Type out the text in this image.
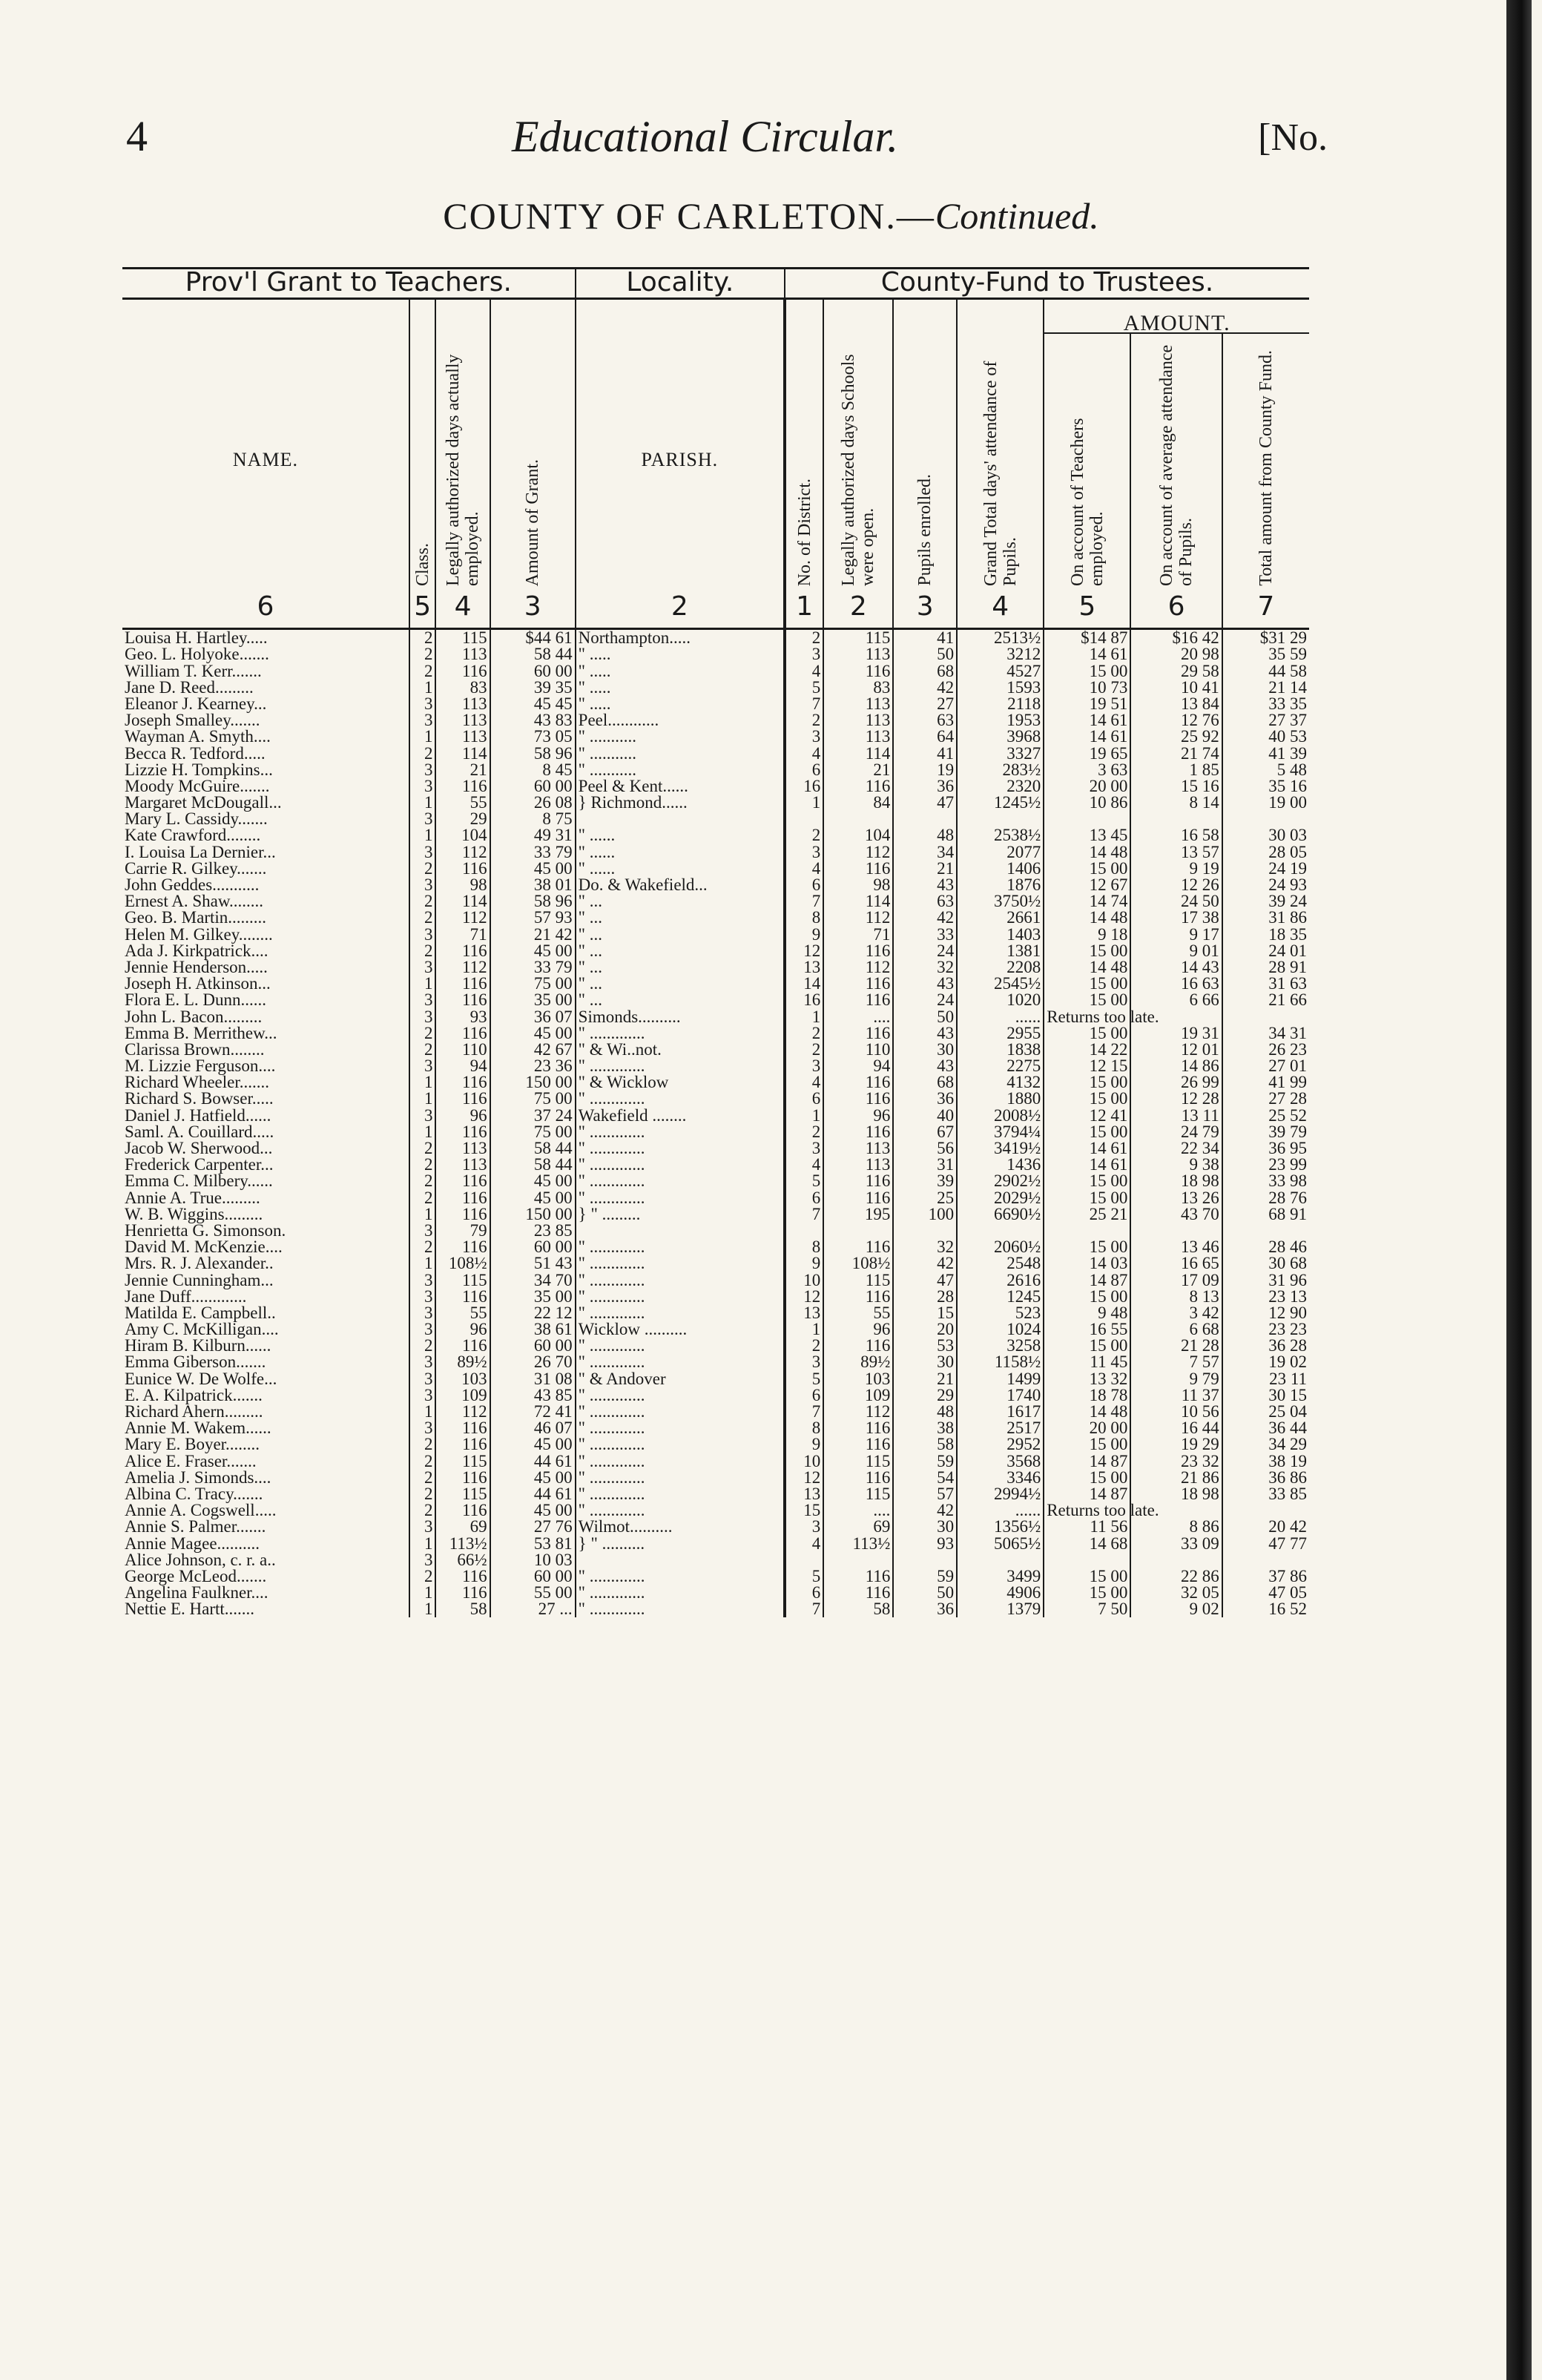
4	Educational Circular.	[No.
COUNTY OF CARLETON.—Continued.
Prov'l Grant to Teachers.				Locality.	County-Fund to Trustees.						
									AMOUNT.		
NAME.	Class.	Legally authorized days actually employed.	Amount of Grant.	PARISH.	No. of District.	Legally authorized days Schools were open.	Pupils enrolled.	Grand Total days' attendance of Pupils.	On account of Teachers employed.	On account of average attendance of Pupils.	Total amount from County Fund.

6	5	4	3	2	1	2	3	4	5	6	7
Louisa H. Hartley.....	2	115	$44 61	Northampton.....	2	115	41	2513½	$14 87	$16 42	$31 29
Geo. L. Holyoke.......	2	113	58 44	" .....	3	113	50	3212	14 61	20 98	35 59
William T. Kerr.......	2	116	60 00	" .....	4	116	68	4527	15 00	29 58	44 58
Jane D. Reed.........	1	83	39 35	" .....	5	83	42	1593	10 73	10 41	21 14
Eleanor J. Kearney...	3	113	45 45	" .....	7	113	27	2118	19 51	13 84	33 35
Joseph Smalley.......	3	113	43 83	Peel............	2	113	63	1953	14 61	12 76	27 37
Wayman A. Smyth....	1	113	73 05	" ...........	3	113	64	3968	14 61	25 92	40 53
Becca R. Tedford.....	2	114	58 96	" ...........	4	114	41	3327	19 65	21 74	41 39
Lizzie H. Tompkins...	3	21	8 45	" ...........	6	21	19	283½	3 63	1 85	5 48
Moody McGuire.......	3	116	60 00	Peel & Kent......	16	116	36	2320	20 00	15 16	35 16
Margaret McDougall...	1	55	26 08	} Richmond......	1	84	47	1245½	10 86	8 14	19 00
Mary L. Cassidy.......	3	29	8 75								
Kate Crawford........	1	104	49 31	" ......	2	104	48	2538½	13 45	16 58	30 03
I. Louisa La Dernier...	3	112	33 79	" ......	3	112	34	2077	14 48	13 57	28 05
Carrie R. Gilkey.......	2	116	45 00	" ......	4	116	21	1406	15 00	9 19	24 19
John Geddes...........	3	98	38 01	Do. & Wakefield...	6	98	43	1876	12 67	12 26	24 93
Ernest A. Shaw........	2	114	58 96	" ...	7	114	63	3750½	14 74	24 50	39 24
Geo. B. Martin.........	2	112	57 93	" ...	8	112	42	2661	14 48	17 38	31 86
Helen M. Gilkey........	3	71	21 42	" ...	9	71	33	1403	9 18	9 17	18 35
Ada J. Kirkpatrick....	2	116	45 00	" ...	12	116	24	1381	15 00	9 01	24 01
Jennie Henderson.....	3	112	33 79	" ...	13	112	32	2208	14 48	14 43	28 91
Joseph H. Atkinson...	1	116	75 00	" ...	14	116	43	2545½	15 00	16 63	31 63
Flora E. L. Dunn......	3	116	35 00	" ...	16	116	24	1020	15 00	6 66	21 66
John L. Bacon.........	3	93	36 07	Simonds..........	1	....	50	......	Returns too late.		
Emma B. Merrithew...	2	116	45 00	" .............	2	116	43	2955	15 00	19 31	34 31
Clarissa Brown........	2	110	42 67	" & Wi..not.	2	110	30	1838	14 22	12 01	26 23
M. Lizzie Ferguson....	3	94	23 36	" .............	3	94	43	2275	12 15	14 86	27 01
Richard Wheeler.......	1	116	150 00	" & Wicklow	4	116	68	4132	15 00	26 99	41 99
Richard S. Bowser.....	1	116	75 00	" .............	6	116	36	1880	15 00	12 28	27 28
Daniel J. Hatfield......	3	96	37 24	Wakefield ........	1	96	40	2008½	12 41	13 11	25 52
Saml. A. Couillard.....	1	116	75 00	" .............	2	116	67	3794¼	15 00	24 79	39 79
Jacob W. Sherwood...	2	113	58 44	" .............	3	113	56	3419½	14 61	22 34	36 95
Frederick Carpenter...	2	113	58 44	" .............	4	113	31	1436	14 61	9 38	23 99
Emma C. Milbery......	2	116	45 00	" .............	5	116	39	2902½	15 00	18 98	33 98
Annie A. True.........	2	116	45 00	" .............	6	116	25	2029½	15 00	13 26	28 76
W. B. Wiggins.........	1	116	150 00	} " .........	7	195	100	6690½	25 21	43 70	68 91
Henrietta G. Simonson.	3	79	23 85								
David M. McKenzie....	2	116	60 00	" .............	8	116	32	2060½	15 00	13 46	28 46
Mrs. R. J. Alexander..	1	108½	51 43	" .............	9	108½	42	2548	14 03	16 65	30 68
Jennie Cunningham...	3	115	34 70	" .............	10	115	47	2616	14 87	17 09	31 96
Jane Duff.............	3	116	35 00	" .............	12	116	28	1245	15 00	8 13	23 13
Matilda E. Campbell..	3	55	22 12	" .............	13	55	15	523	9 48	3 42	12 90
Amy C. McKilligan....	3	96	38 61	Wicklow ..........	1	96	20	1024	16 55	6 68	23 23
Hiram B. Kilburn......	2	116	60 00	" .............	2	116	53	3258	15 00	21 28	36 28
Emma Giberson.......	3	89½	26 70	" .............	3	89½	30	1158½	11 45	7 57	19 02
Eunice W. De Wolfe...	3	103	31 08	" & Andover	5	103	21	1499	13 32	9 79	23 11
E. A. Kilpatrick.......	3	109	43 85	" .............	6	109	29	1740	18 78	11 37	30 15
Richard Ahern.........	1	112	72 41	" .............	7	112	48	1617	14 48	10 56	25 04
Annie M. Wakem......	3	116	46 07	" .............	8	116	38	2517	20 00	16 44	36 44
Mary E. Boyer........	2	116	45 00	" .............	9	116	58	2952	15 00	19 29	34 29
Alice E. Fraser.......	2	115	44 61	" .............	10	115	59	3568	14 87	23 32	38 19
Amelia J. Simonds....	2	116	45 00	" .............	12	116	54	3346	15 00	21 86	36 86
Albina C. Tracy.......	2	115	44 61	" .............	13	115	57	2994½	14 87	18 98	33 85
Annie A. Cogswell.....	2	116	45 00	" .............	15	....	42	......	Returns too late.		
Annie S. Palmer.......	3	69	27 76	Wilmot..........	3	69	30	1356½	11 56	8 86	20 42
Annie Magee..........	1	113½	53 81	} " ..........	4	113½	93	5065½	14 68	33 09	47 77
Alice Johnson, c. r. a..	3	66½	10 03								
George McLeod.......	2	116	60 00	" .............	5	116	59	3499	15 00	22 86	37 86
Angelina Faulkner....	1	116	55 00	" .............	6	116	50	4906	15 00	32 05	47 05
Nettie E. Hartt.......	1	58	27 ...	" .............	7	58	36	1379	7 50	9 02	16 52
